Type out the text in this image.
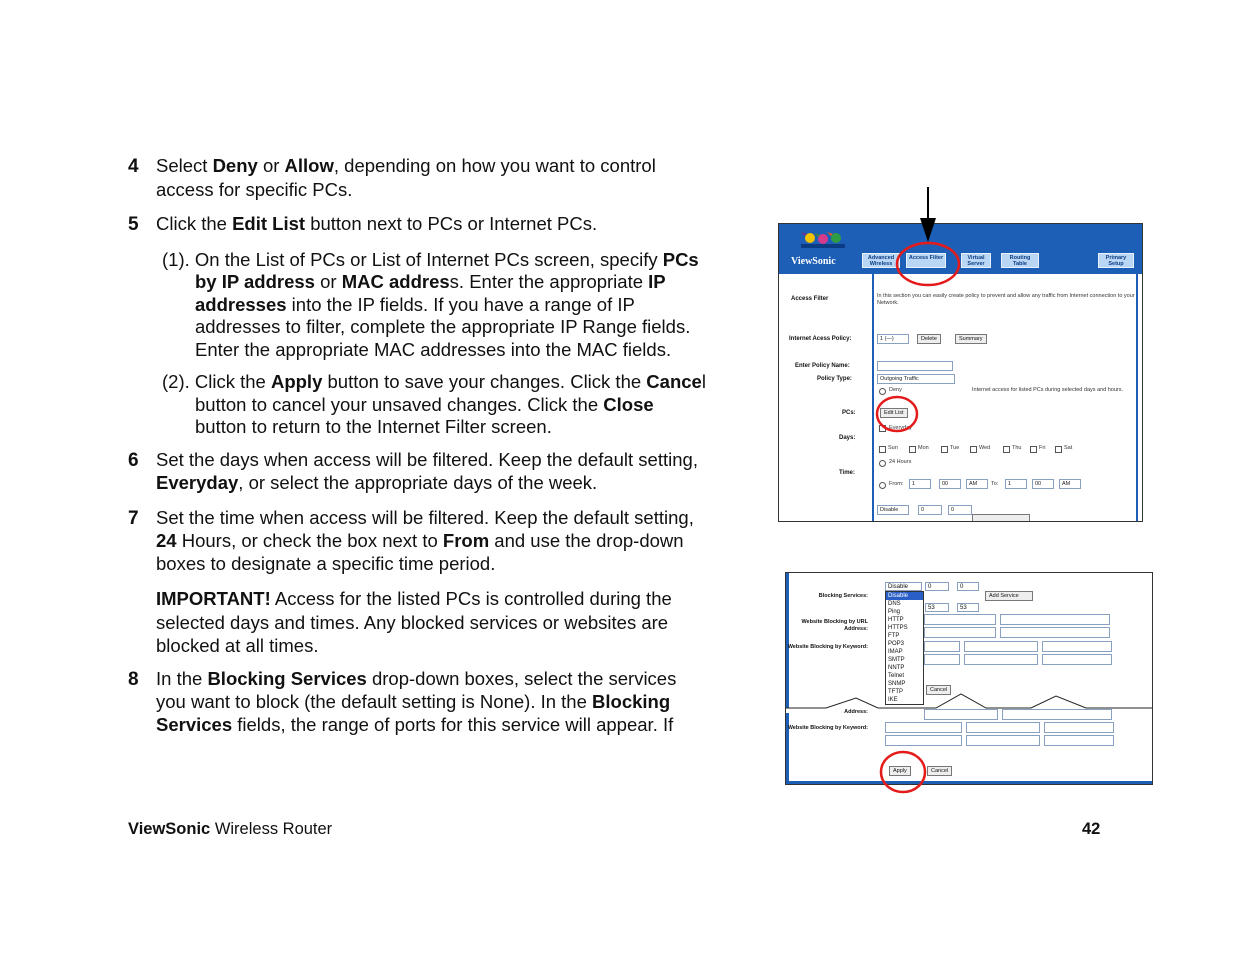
4 Select Deny or Allow, depending on how you want to control access for specific PCs.
5 Click the Edit List button next to PCs or Internet PCs.
(1). On the List of PCs or List of Internet PCs screen, specify PCs by IP address or MAC address. Enter the appropriate IP addresses into the IP fields. If you have a range of IP addresses to filter, complete the appropriate IP Range fields. Enter the appropriate MAC addresses into the MAC fields.
(2). Click the Apply button to save your changes. Click the Cancel button to cancel your unsaved changes. Click the Close button to return to the Internet Filter screen.
6 Set the days when access will be filtered. Keep the default setting, Everyday, or select the appropriate days of the week.
7 Set the time when access will be filtered. Keep the default setting, 24 Hours, or check the box next to From and use the drop-down boxes to designate a specific time period.
IMPORTANT! Access for the listed PCs is controlled during the selected days and times. Any blocked services or websites are blocked at all times.
8 In the Blocking Services drop-down boxes, select the services you want to block (the default setting is None). In the Blocking Services fields, the range of ports for this service will appear. If
ViewSonic Wireless Router	42
ViewSonic	Advanced Wireless
Access Filter	Virtual Server
Routing Table
Primary Setup
Access Filter	In this section you can easily create policy to prevent and allow any traffic from Internet connection to your Network.
Internet Acess Policy:	1 (—)	Delete	Summary
Enter Policy Name:
Policy Type:	Outgoing Traffic
Deny	Internet access for listed PCs during selected days and hours.
PCs:	Edit List
Everyday
Days:
Sun	Mon	Tue	Wed	Thu	Fri	Sat
24 Hours
Time:
From:	1	00	AM	To:	1	00	AM
Disable	0	0
Blocking Services:
Disable	0	0
Add Service
53	53
Website Blocking by URL Address:
Website Blocking by Keyword:
Cancel
Disable
DNS
Ping
HTTP
HTTPS
FTP
POP3
IMAP
SMTP
NNTP
Telnet
SNMP
TFTP
IKE
Address:
Website Blocking by Keyword:
Apply	Cancel
